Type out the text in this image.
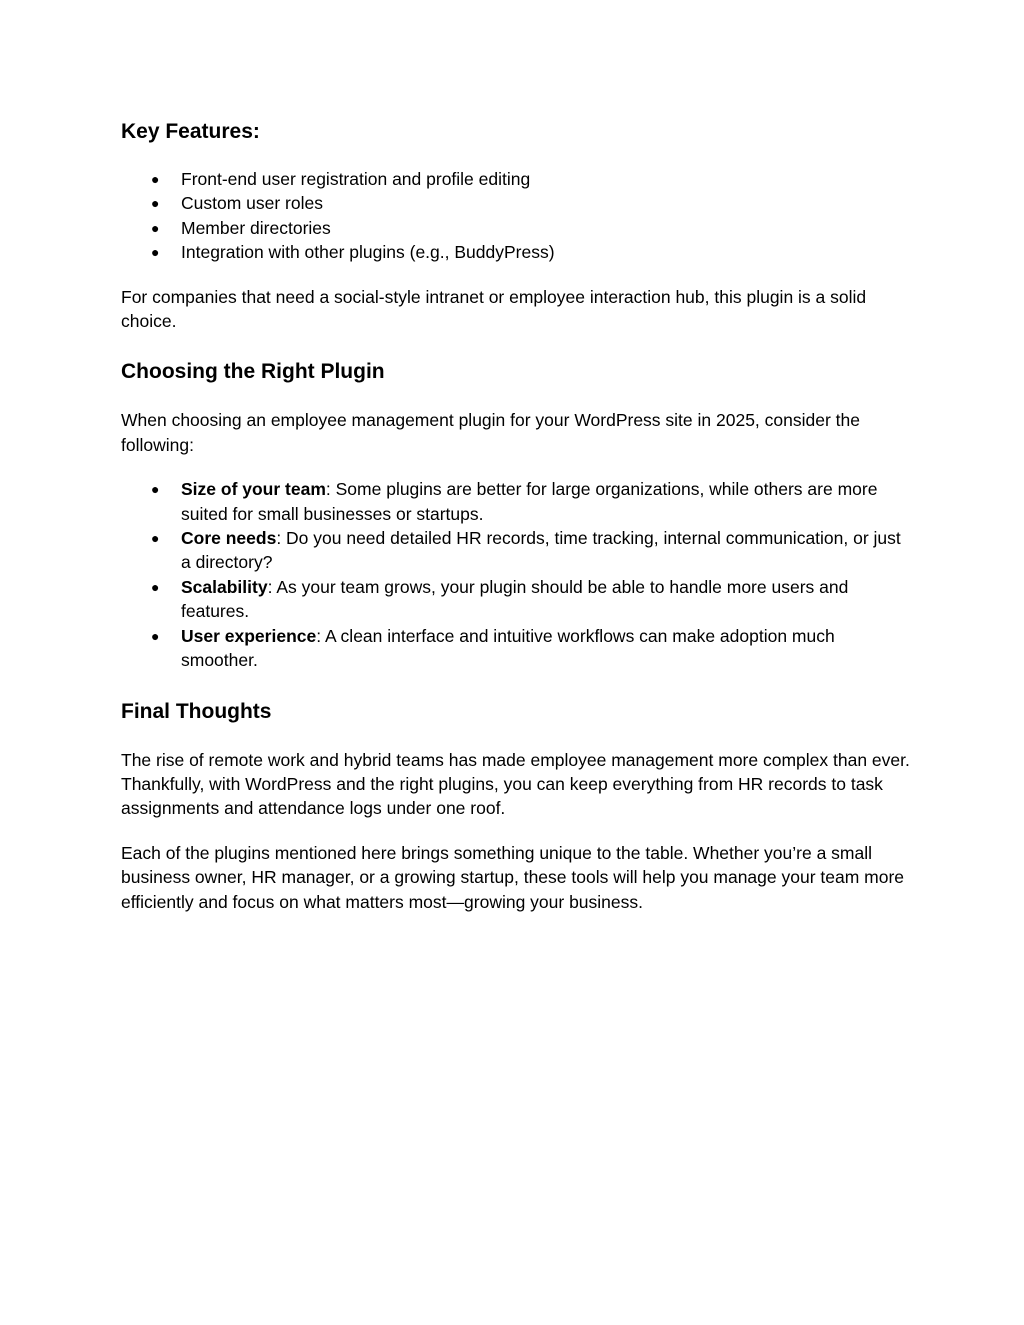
Key Features:
● Front-end user registration and profile editing
● Custom user roles
● Member directories
● Integration with other plugins (e.g., BuddyPress)

For companies that need a social-style intranet or employee interaction hub, this plugin is a solid choice.

Choosing the Right Plugin

When choosing an employee management plugin for your WordPress site in 2025, consider the following:

● Size of your team: Some plugins are better for large organizations, while others are more suited for small businesses or startups.
● Core needs: Do you need detailed HR records, time tracking, internal communication, or just a directory?
● Scalability: As your team grows, your plugin should be able to handle more users and features.
● User experience: A clean interface and intuitive workflows can make adoption much smoother.
Final Thoughts

The rise of remote work and hybrid teams has made employee management more complex than ever. Thankfully, with WordPress and the right plugins, you can keep everything from HR records to task assignments and attendance logs under one roof.

Each of the plugins mentioned here brings something unique to the table. Whether you’re a small business owner, HR manager, or a growing startup, these tools will help you manage your team more efficiently and focus on what matters most—growing your business.
